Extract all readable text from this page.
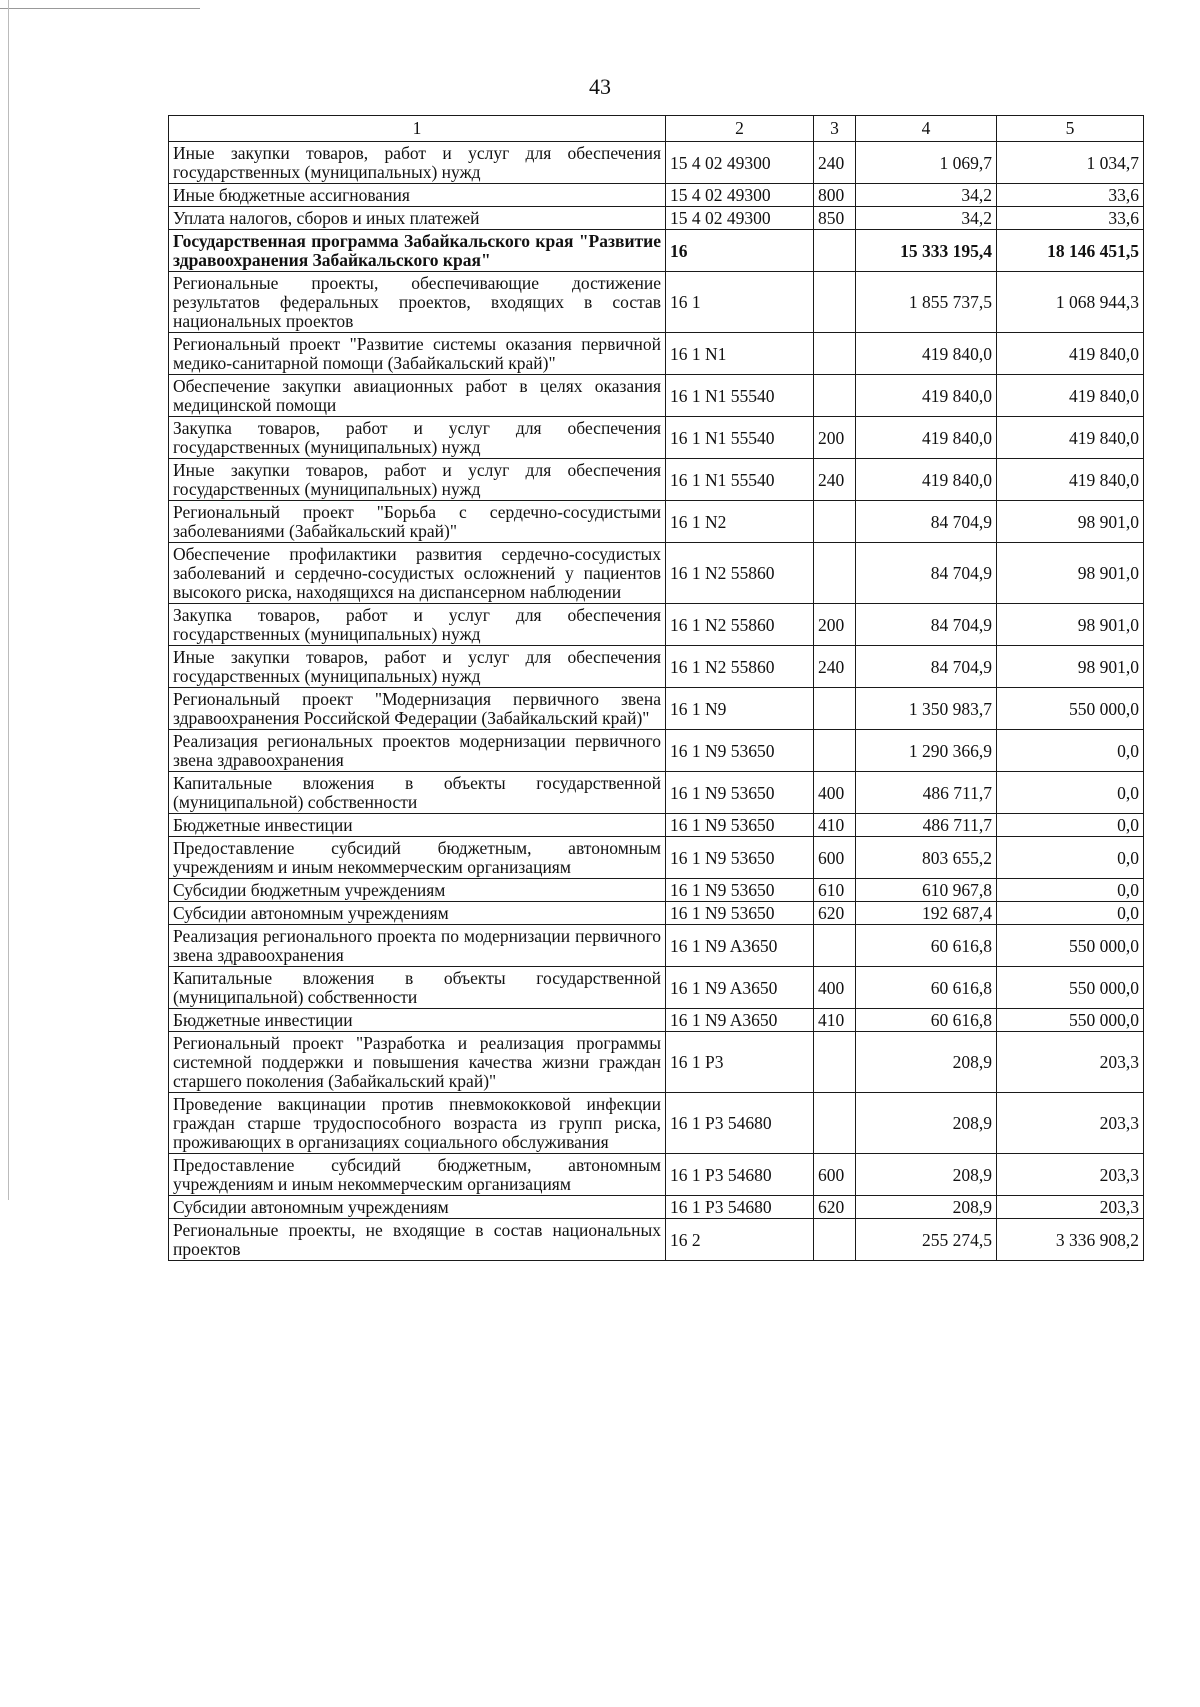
43
1	2	3	4	5
Иные закупки товаров, работ и услуг для обеспечения государственных (муниципальных) нужд	15 4 02 49300	240	1 069,7	1 034,7
Иные бюджетные ассигнования	15 4 02 49300	800	34,2	33,6
Уплата налогов, сборов и иных платежей	15 4 02 49300	850	34,2	33,6
Государственная программа Забайкальского края "Развитие здравоохранения Забайкальского края"	16		15 333 195,4	18 146 451,5
Региональные проекты, обеспечивающие достижение результатов федеральных проектов, входящих в состав национальных проектов	16 1		1 855 737,5	1 068 944,3
Региональный проект "Развитие системы оказания первичной медико-санитарной помощи (Забайкальский край)"	16 1 N1		419 840,0	419 840,0
Обеспечение закупки авиационных работ в целях оказания медицинской помощи	16 1 N1 55540		419 840,0	419 840,0
Закупка товаров, работ и услуг для обеспечения государственных (муниципальных) нужд	16 1 N1 55540	200	419 840,0	419 840,0
Иные закупки товаров, работ и услуг для обеспечения государственных (муниципальных) нужд	16 1 N1 55540	240	419 840,0	419 840,0
Региональный проект "Борьба с сердечно-сосудистыми заболеваниями (Забайкальский край)"	16 1 N2		84 704,9	98 901,0
Обеспечение профилактики развития сердечно-сосудистых заболеваний и сердечно-сосудистых осложнений у пациентов высокого риска, находящихся на диспансерном наблюдении	16 1 N2 55860		84 704,9	98 901,0
Закупка товаров, работ и услуг для обеспечения государственных (муниципальных) нужд	16 1 N2 55860	200	84 704,9	98 901,0
Иные закупки товаров, работ и услуг для обеспечения государственных (муниципальных) нужд	16 1 N2 55860	240	84 704,9	98 901,0
Региональный проект "Модернизация первичного звена здравоохранения Российской Федерации (Забайкальский край)"	16 1 N9		1 350 983,7	550 000,0
Реализация региональных проектов модернизации первичного звена здравоохранения	16 1 N9 53650		1 290 366,9	0,0
Капитальные вложения в объекты государственной (муниципальной) собственности	16 1 N9 53650	400	486 711,7	0,0
Бюджетные инвестиции	16 1 N9 53650	410	486 711,7	0,0
Предоставление субсидий бюджетным, автономным учреждениям и иным некоммерческим организациям	16 1 N9 53650	600	803 655,2	0,0
Субсидии бюджетным учреждениям	16 1 N9 53650	610	610 967,8	0,0
Субсидии автономным учреждениям	16 1 N9 53650	620	192 687,4	0,0
Реализация регионального проекта по модернизации первичного звена здравоохранения	16 1 N9 A3650		60 616,8	550 000,0
Капитальные вложения в объекты государственной (муниципальной) собственности	16 1 N9 A3650	400	60 616,8	550 000,0
Бюджетные инвестиции	16 1 N9 A3650	410	60 616,8	550 000,0
Региональный проект "Разработка и реализация программы системной поддержки и повышения качества жизни граждан старшего поколения (Забайкальский край)"	16 1 P3		208,9	203,3
Проведение вакцинации против пневмококковой инфекции граждан старше трудоспособного возраста из групп риска, проживающих в организациях социального обслуживания	16 1 P3 54680		208,9	203,3
Предоставление субсидий бюджетным, автономным учреждениям и иным некоммерческим организациям	16 1 P3 54680	600	208,9	203,3
Субсидии автономным учреждениям	16 1 P3 54680	620	208,9	203,3
Региональные проекты, не входящие в состав национальных проектов	16 2		255 274,5	3 336 908,2
